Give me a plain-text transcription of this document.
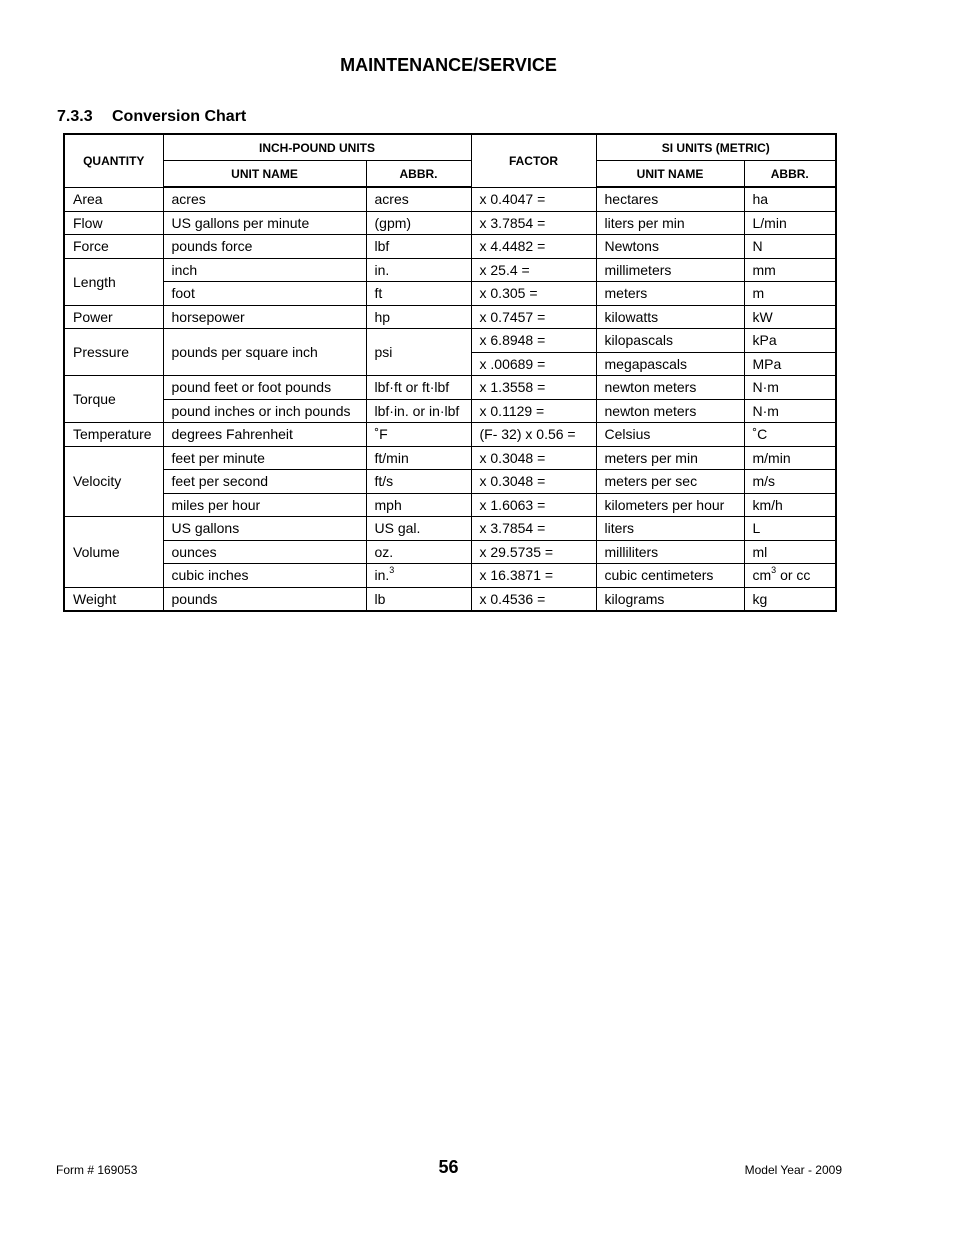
MAINTENANCE/SERVICE
7.3.3 Conversion Chart
QUANTITY	INCH-POUND UNITS		FACTOR	SI UNITS (METRIC)	
	UNIT NAME	ABBR.		UNIT NAME	ABBR.
Area	acres	acres	x 0.4047 =	hectares	ha
Flow	US gallons per minute	(gpm)	x 3.7854 =	liters per min	L/min
Force	pounds force	lbf	x 4.4482 =	Newtons	N
Length	inch	in.	x 25.4 =	millimeters	mm
	foot	ft	x 0.305 =	meters	m
Power	horsepower	hp	x 0.7457 =	kilowatts	kW
Pressure	pounds per square inch	psi	x 6.8948 =	kilopascals	kPa
			x .00689 =	megapascals	MPa
Torque	pound feet or foot pounds	lbf·ft or ft·lbf	x 1.3558 =	newton meters	N·m
	pound inches or inch pounds	lbf·in. or in·lbf	x 0.1129 =	newton meters	N·m
Temperature	degrees Fahrenheit	˚F	(F- 32) x 0.56 =	Celsius	˚C
Velocity	feet per minute	ft/min	x 0.3048 =	meters per min	m/min
	feet per second	ft/s	x 0.3048 =	meters per sec	m/s
	miles per hour	mph	x 1.6063 =	kilometers per hour	km/h
Volume	US gallons	US gal.	x 3.7854 =	liters	L
	ounces	oz.	x 29.5735 =	milliliters	ml
	cubic inches	in.$^3$	x 16.3871 =	cubic centimeters	$cm^3$ or cc
Weight	pounds	lb	x 0.4536 =	kilograms	kg
Form # 169053	56	Model Year - 2009
